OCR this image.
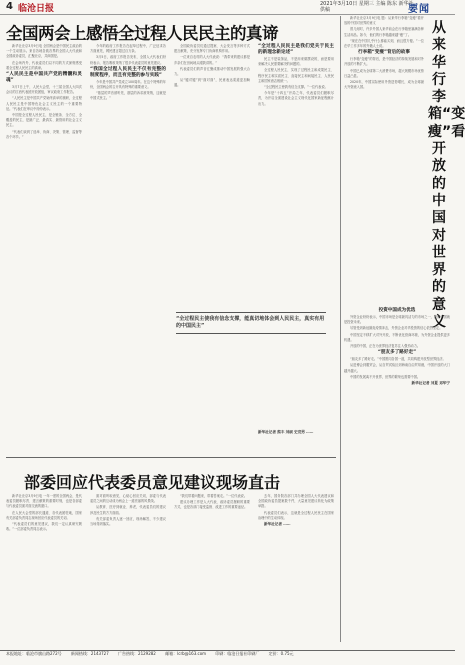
4 临沧日报	2021年3月10日 星期三 主编 陈东 新华社供稿	要闻
全国两会上感悟全过程人民民主的真谛

新华社北京3月9日电 全国两会是中国民主政治的一个生动展示。来自各地各族各界的全国人大代表和全国政协委员，汇聚北京，共商国是。

在会场内外，代表委员们以不同的方式深刻感受着全过程人民民主的真谛。

“人民民主是中国共产党的精髓和灵魂”

3月7日上午，人民大会堂，十三届全国人大四次会议的江西代表团开放团组，审议政府工作报告。

“人民民主是中国共产党始终高举的旗帜，全过程人民民主是中国特色社会主义民主的一个重要特征。”代表们在审议中纷纷表示。

中国是全过程人民民主，是全链条、全方位、全覆盖的民主，是最广泛、最真实、最管用的社会主义民主。

“代表们谈到了选举、协商、决策、管理、监督等各个环节。”

今年的政府工作报告在起草过程中，广泛征求各方面意见，网民建言超过百万条。

3月5日，政府工作报告发布，全国人大代表们纷纷表示，报告吸收采纳了很多代表委员的意见建议。

“我国全过程人民民主不仅有完整的制度程序，而且有完整的参与实践”

今年是中国共产党成立100周年。在这个特殊的年份，全国两会的召开具有特殊的重要意义。

“基层的声音被听见，基层的诉求被采纳，这就是中国式民主。”

全国政协委员们通过提案、大会发言等多种方式建言献策，充分发挥专门协商机构作用。

一位来自农村的人大代表说：“我带来的建议都是乡亲们在田间地头跟我讲的。”

代表委员们的声音汇聚成推动中国发展的强大合力。

从“键对键”到“面对面”，民意表达渠道更加畅通。

“全过程人民民主是我们党关于民主的新理念新论述”

民主不是装饰品，不是用来做摆设的，而是要用来解决人民需要解决的问题的。

全过程人民民主，实现了过程民主和成果民主、程序民主和实质民主、直接民主和间接民主、人民民主和国家意志相统一。

“全过程民主使我有信念支撑。”一位代表说。

今年是“十四五”开局之年，代表委员们履职尽责，为开启全面建设社会主义现代化国家新征程献计出力。

“全过程民主使我有信念支撑，能真切地体会到人民民主，真实有用的中国民主”
新华社记者 熊丰 刘硕 史竞男 ……
部委回应代表委员意见建议现场直击

新华社北京3月9日电 一年一度的全国两会，是代表委员履职尽责、建言献策的重要时刻，也是各部委与代表委员面对面交流的窗口。

在人民大会堂的部长通道、各代表团驻地，国家有关部委负责同志现场回应代表委员的关切。

“代表委员们的意见建议，我们一定认真研究吸收。”一位部委负责同志表示。

面对面听取意见，心贴心回应关切，部委与代表委员之间的互动成为两会上一道亮丽的风景线。

从教育、医疗到就业、养老，代表委员们的建议涉及民生的方方面面。

有关部委负责人逐一回应，现场解答，不少建议当场得到落实。

“我们带着问题来，带着答案走。”一位代表说。

建议办理工作是人大代表、政协委员履职的重要方式，也是各部门接受监督、改进工作的重要途径。

去年，国务院各部门共办理全国人大代表建议和全国政协委员提案数千件，大量意见建议转化为政策举措。

代表委员们表示，这就是全过程人民民主在国家治理中的生动体现。

新华社记者 ……

从来华行李箱“变瘦”看开放的中国对世界的意义

新华社北京3月9日电 题：从来华行李箱“变瘦”看开放的中国对世界的意义

曾几何时，许多外国人来华前会在行李箱里塞满各种生活用品。如今，他们的行李箱越来越“瘦”了。

“现在在中国几乎什么都能买到，而且很方便。”一位在华工作多年的外籍人士说。

行李箱“变瘦”背后的故事

行李箱“变瘦”的背后，是中国经济的持续发展和对外开放的不断扩大。

中国已成为全球第二大消费市场，超大规模市场优势日益凸显。

2020年，中国实际使用外资逆势增长，成为全球最大外资流入国。

投资中国成为优选

外资企业纷纷表示，中国市场是全球最具活力的市场之一，投资中国就是投资未来。

尽管受到新冠肺炎疫情冲击，外资企业对华投资的信心依然坚定。

中国坚定不移扩大对外开放，不断优化营商环境，为外资企业提供更多机遇。

开放的中国，正在为世界经济复苏注入强劲动力。

“朋友多了路好走”

“朋友多了路好走。”中国愿同各国一道，共同构建开放型世界经济。

从进博会到服贸会，从自贸试验区到海南自由贸易港，中国开放的大门越开越大。

中国的发展离不开世界，世界的繁荣也需要中国。

新华社记者 刘夏 邓华宁

本报地址：临沧市旗山路272号 新闻热线：2143727 广告热线：2129282 邮箱：lcrb@163.com 印刷：临沧日报社印刷厂 定价：0.75元
